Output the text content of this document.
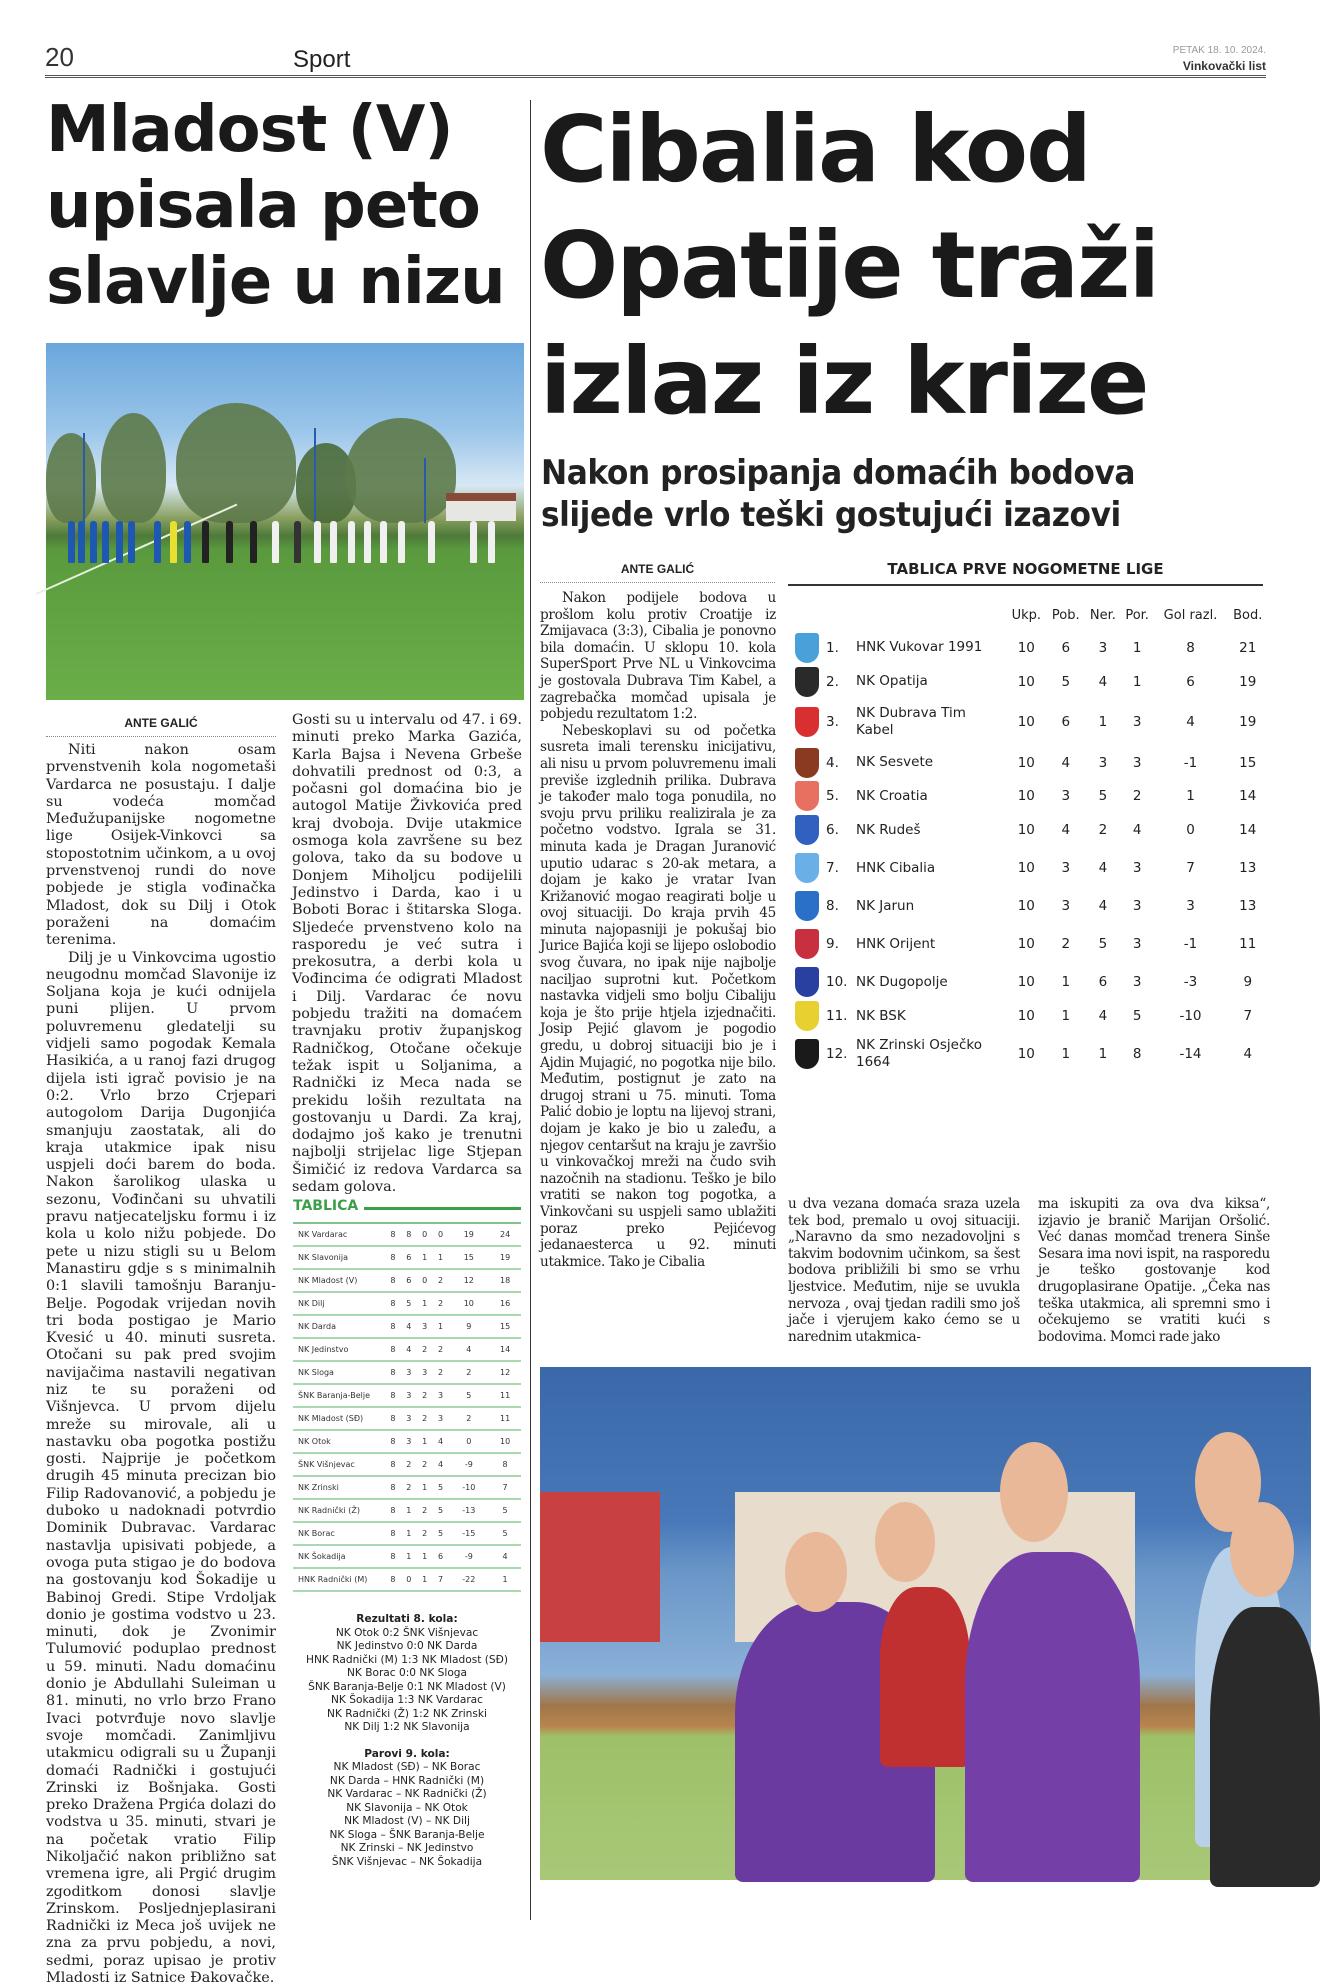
20	Sport	PETAK 18. 10. 2024.
Vinkovački list
Mladost (V) upisala peto slavlje u nizu
ANTE GALIĆ

Niti nakon osam prvenstvenih kola nogometaši Vardarca ne posustaju. I dalje su vodeća momčad Međužupanijske nogometne lige Osijek-Vinkovci sa stopostotnim učinkom, a u ovoj prvenstvenoj rundi do nove pobjede je stigla vođinačka Mladost, dok su Dilj i Otok poraženi na domaćim terenima.

Dilj je u Vinkovcima ugostio neugodnu momčad Slavonije iz Soljana koja je kući odnijela puni plijen. U prvom poluvremenu gledatelji su vidjeli samo pogodak Kemala Hasikića, a u ranoj fazi drugog dijela isti igrač povisio je na 0:2. Vrlo brzo Crjepari autogolom Darija Dugonjića smanjuju zaostatak, ali do kraja utakmice ipak nisu uspjeli doći barem do boda. Nakon šarolikog ulaska u sezonu, Vođinčani su uhvatili pravu natjecateljsku formu i iz kola u kolo nižu pobjede. Do pete u nizu stigli su u Belom Manastiru gdje s s minimalnih 0:1 slavili tamošnju Baranju-Belje. Pogodak vrijedan novih tri boda postigao je Mario Kvesić u 40. minuti susreta. Otočani su pak pred svojim navijačima nastavili negativan niz te su poraženi od Višnjevca. U prvom dijelu mreže su mirovale, ali u nastavku oba pogotka postižu gosti. Najprije je početkom drugih 45 minuta precizan bio Filip Radovanović, a pobjedu je duboko u nadoknadi potvrdio Dominik Dubravac. Vardarac nastavlja upisivati pobjede, a ovoga puta stigao je do bodova na gostovanju kod Šokadije u Babinoj Gredi. Stipe Vrdoljak donio je gostima vodstvo u 23. minuti, dok je Zvonimir Tulumović poduplao prednost u 59. minuti. Nadu domaćinu donio je Abdullahi Suleiman u 81. minuti, no vrlo brzo Frano Ivaci potvrđuje novo slavlje svoje momčadi. Zanimljivu utakmicu odigrali su u Županji domaći Radnički i gostujući Zrinski iz Bošnjaka. Gosti preko Dražena Prgića dolazi do vodstva u 35. minuti, stvari je na početak vratio Filip Nikoljačić nakon približno sat vremena igre, ali Prgić drugim zgoditkom donosi slavlje Zrinskom. Posljednjeplasirani Radnički iz Meca još uvijek ne zna za prvu pobjedu, a novi, sedmi, poraz upisao je protiv Mladosti iz Satnice Đakovačke.

Gosti su u intervalu od 47. i 69. minuti preko Marka Gazića, Karla Bajsa i Nevena Grbeše dohvatili prednost od 0:3, a počasni gol domaćina bio je autogol Matije Živkovića pred kraj dvoboja. Dvije utakmice osmoga kola završene su bez golova, tako da su bodove u Donjem Miholjcu podijelili Jedinstvo i Darda, kao i u Boboti Borac i štitarska Sloga. Sljedeće prvenstveno kolo na rasporedu je već sutra i prekosutra, a derbi kola u Vođincima će odigrati Mladost i Dilj. Vardarac će novu pobjedu tražiti na domaćem travnjaku protiv županjskog Radničkog, Otočane očekuje težak ispit u Soljanima, a Radnički iz Meca nada se prekidu loših rezultata na gostovanju u Dardi. Za kraj, dodajmo još kako je trenutni najbolji strijelac lige Stjepan Šimičić iz redova Vardarca sa sedam golova.

TABLICA
NK Vardarac	8	8	0	0	19	24
NK Slavonija	8	6	1	1	15	19
NK Mladost (V)	8	6	0	2	12	18
NK Dilj	8	5	1	2	10	16
NK Darda	8	4	3	1	9	15
NK Jedinstvo	8	4	2	2	4	14
NK Sloga	8	3	3	2	2	12
ŠNK Baranja-Belje	8	3	2	3	5	11
NK Mladost (SĐ)	8	3	2	3	2	11
NK Otok	8	3	1	4	0	10
ŠNK Višnjevac	8	2	2	4	-9	8
NK Zrinski	8	2	1	5	-10	7
NK Radnički (Ž)	8	1	2	5	-13	5
NK Borac	8	1	2	5	-15	5
NK Šokadija	8	1	1	6	-9	4
HNK Radnički (M)	8	0	1	7	-22	1
Rezultati 8. kola:
NK Otok 0:2 ŠNK Višnjevac
NK Jedinstvo 0:0 NK Darda
HNK Radnički (M) 1:3 NK Mladost (SĐ)
NK Borac 0:0 NK Sloga
ŠNK Baranja-Belje 0:1 NK Mladost (V)
NK Šokadija 1:3 NK Vardarac
NK Radnički (Ž) 1:2 NK Zrinski
NK Dilj 1:2 NK Slavonija
Parovi 9. kola:
NK Mladost (SĐ) – NK Borac
NK Darda – HNK Radnički (M)
NK Vardarac – NK Radnički (Ž)
NK Slavonija – NK Otok
NK Mladost (V) – NK Dilj
NK Sloga – ŠNK Baranja-Belje
NK Zrinski – NK Jedinstvo
ŠNK Višnjevac – NK Šokadija
Cibalia kod Opatije traži izlaz iz krize
Nakon prosipanja domaćih bodova slijede vrlo teški gostujući izazovi
ANTE GALIĆ

Nakon podijele bodova u prošlom kolu protiv Croatije iz Zmijavaca (3:3), Cibalia je ponovno bila domaćin. U sklopu 10. kola SuperSport Prve NL u Vinkovcima je gostovala Dubrava Tim Kabel, a zagrebačka momčad upisala je pobjedu rezultatom 1:2.

Nebeskoplavi su od početka susreta imali terensku inicijativu, ali nisu u prvom poluvremenu imali previše izglednih prilika. Dubrava je također malo toga ponudila, no svoju prvu priliku realizirala je za početno vodstvo. Igrala se 31. minuta kada je Dragan Juranović uputio udarac s 20-ak metara, a dojam je kako je vratar Ivan Križanović mogao reagirati bolje u ovoj situaciji. Do kraja prvih 45 minuta najopasniji je pokušaj bio Jurice Bajića koji se lijepo oslobodio svog čuvara, no ipak nije najbolje naciljao suprotni kut. Početkom nastavka vidjeli smo bolju Cibaliju koja je što prije htjela izjednačiti. Josip Pejić glavom je pogodio gredu, u dobroj situaciji bio je i Ajdin Mujagić, no pogotka nije bilo. Međutim, postignut je zato na drugoj strani u 75. minuti. Toma Palić dobio je loptu na lijevoj strani, dojam je kako je bio u zaleđu, a njegov centaršut na kraju je završio u vinkovačkoj mreži na čudo svih nazočnih na stadionu. Teško je bilo vratiti se nakon tog pogotka, a Vinkovčani su uspjeli samo ublažiti poraz preko Pejićevog jedanaesterca u 92. minuti utakmice. Tako je Cibalia

TABLICA PRVE NOGOMETNE LIGE
			Ukp.	Pob.	Ner.	Por.	Gol razl.	Bod.
	1.	HNK Vukovar 1991	10	6	3	1	8	21
	2.	NK Opatija	10	5	4	1	6	19
	3.	NK Dubrava Tim Kabel	10	6	1	3	4	19
	4.	NK Sesvete	10	4	3	3	-1	15
	5.	NK Croatia	10	3	5	2	1	14
	6.	NK Rudeš	10	4	2	4	0	14
	7.	HNK Cibalia	10	3	4	3	7	13
	8.	NK Jarun	10	3	4	3	3	13
	9.	HNK Orijent	10	2	5	3	-1	11
	10.	NK Dugopolje	10	1	6	3	-3	9
	11.	NK BSK	10	1	4	5	-10	7
	12.	NK Zrinski Osječko 1664	10	1	1	8	-14	4
u dva vezana domaća sraza uzela tek bod, premalo u ovoj situaciji. „Naravno da smo nezadovoljni s takvim bodovnim učinkom, sa šest bodova približili bi smo se vrhu ljestvice. Međutim, nije se uvukla nervoza , ovaj tjedan radili smo još jače i vjerujem kako ćemo se u narednim utakmica-
ma iskupiti za ova dva kiksa“, izjavio je branič Marijan Oršolić. Već danas momčad trenera Sinše Sesara ima novi ispit, na rasporedu je teško gostovanje kod drugoplasirane Opatije. „Čeka nas teška utakmica, ali spremni smo i očekujemo se vratiti kući s bodovima. Momci rade jako
